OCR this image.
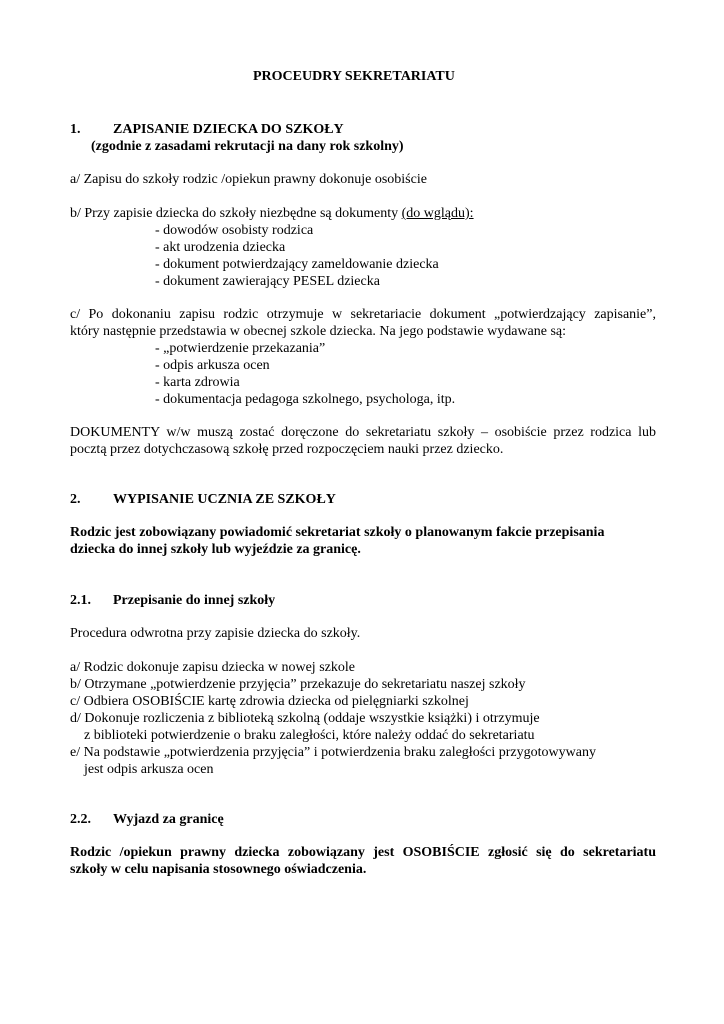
PROCEUDRY SEKRETARIATU
1. ZAPISANIE DZIECKA DO SZKOŁY
(zgodnie z zasadami rekrutacji na dany rok szkolny)
a/ Zapisu do szkoły rodzic /opiekun prawny dokonuje osobiście
b/ Przy zapisie dziecka do szkoły niezbędne są dokumenty (do wglądu):
- dowodów osobisty rodzica
- akt urodzenia dziecka
- dokument potwierdzający zameldowanie dziecka
- dokument zawierający PESEL dziecka
c/ Po dokonaniu zapisu rodzic otrzymuje w sekretariacie dokument „potwierdzający zapisanie”,
który następnie przedstawia w obecnej szkole dziecka. Na jego podstawie wydawane są:
- „potwierdzenie przekazania”
- odpis arkusza ocen
- karta zdrowia
- dokumentacja pedagoga szkolnego, psychologa, itp.
DOKUMENTY w/w muszą zostać doręczone do sekretariatu szkoły – osobiście przez rodzica lub
pocztą przez dotychczasową szkołę przed rozpoczęciem nauki przez dziecko.
2. WYPISANIE UCZNIA ZE SZKOŁY
Rodzic jest zobowiązany powiadomić sekretariat szkoły o planowanym fakcie przepisania
dziecka do innej szkoły lub wyjeździe za granicę.
2.1. Przepisanie do innej szkoły
Procedura odwrotna przy zapisie dziecka do szkoły.
a/ Rodzic dokonuje zapisu dziecka w nowej szkole
b/ Otrzymane „potwierdzenie przyjęcia” przekazuje do sekretariatu naszej szkoły
c/ Odbiera OSOBIŚCIE kartę zdrowia dziecka od pielęgniarki szkolnej
d/ Dokonuje rozliczenia z biblioteką szkolną (oddaje wszystkie książki) i otrzymuje
z biblioteki potwierdzenie o braku zaległości, które należy oddać do sekretariatu
e/ Na podstawie „potwierdzenia przyjęcia” i potwierdzenia braku zaległości przygotowywany
jest odpis arkusza ocen
2.2. Wyjazd za granicę
Rodzic /opiekun prawny dziecka zobowiązany jest OSOBIŚCIE zgłosić się do sekretariatu
szkoły w celu napisania stosownego oświadczenia.
